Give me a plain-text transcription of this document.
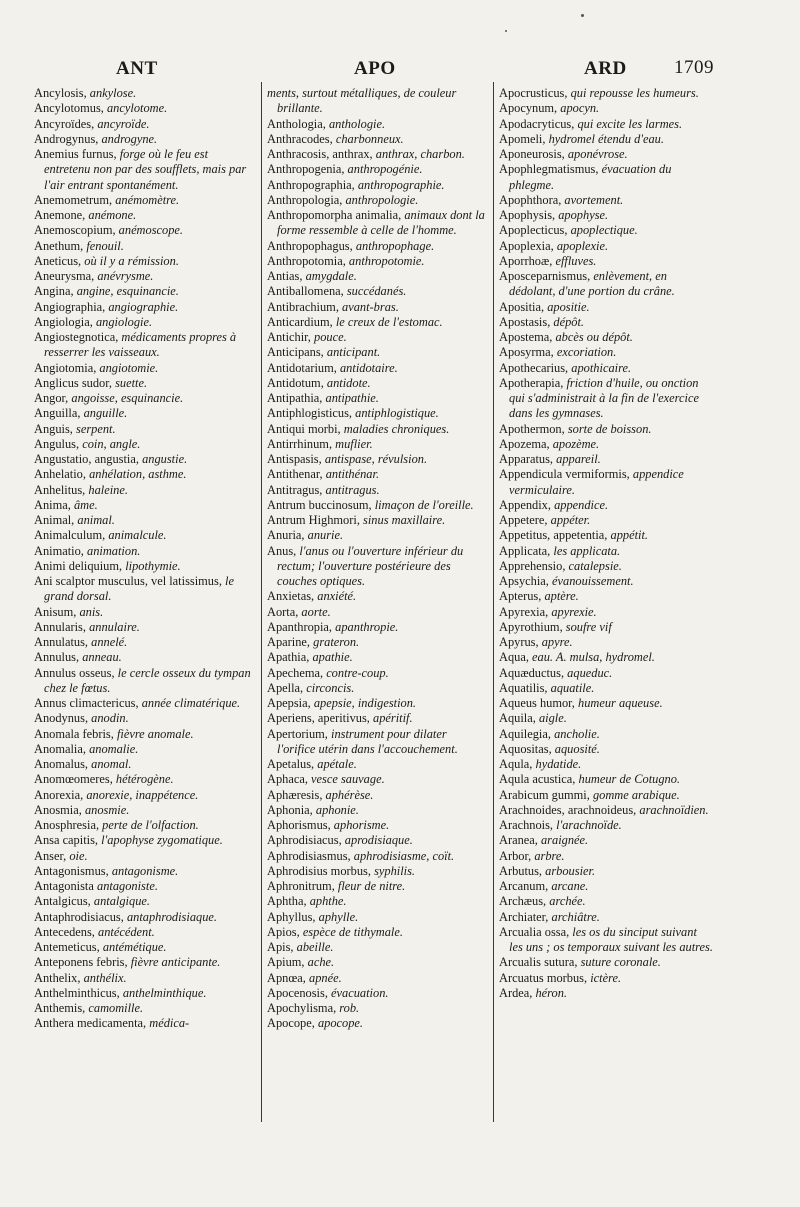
ANT	APO	ARD 1709
Ancylosis, ankylose.
Ancylotomus, ancylotome.
Ancyroïdes, ancyroïde.
Androgynus, androgyne.
Anemius furnus, forge où le feu est entretenu non par des soufflets, mais par l'air entrant spontanément.
Anemometrum, anémomètre.
Anemone, anémone.
Anemoscopium, anémoscope.
Anethum, fenouil.
Aneticus, où il y a rémission.
Aneurysma, anévrysme.
Angina, angine, esquinancie.
Angiographia, angiographie.
Angiologia, angiologie.
Angiostegnotica, médicaments propres à resserrer les vaisseaux.
Angiotomia, angiotomie.
Anglicus sudor, suette.
Angor, angoisse, esquinancie.
Anguilla, anguille.
Anguis, serpent.
Angulus, coin, angle.
Angustatio, angustia, angustie.
Anhelatio, anhélation, asthme.
Anhelitus, haleine.
Anima, âme.
Animal, animal.
Animalculum, animalcule.
Animatio, animation.
Animi deliquium, lipothymie.
Ani scalptor musculus, vel latissimus, le grand dorsal.
Anisum, anis.
Annularis, annulaire.
Annulatus, annelé.
Annulus, anneau.
Annulus osseus, le cercle osseux du tympan chez le fœtus.
Annus climactericus, année climatérique.
Anodynus, anodin.
Anomala febris, fièvre anomale.
Anomalia, anomalie.
Anomalus, anomal.
Anomœomeres, hétérogène.
Anorexia, anorexie, inappétence.
Anosmia, anosmie.
Anosphresia, perte de l'olfaction.
Ansa capitis, l'apophyse zygomatique.
Anser, oie.
Antagonismus, antagonisme.
Antagonista antagoniste.
Antalgicus, antalgique.
Antaphrodisiacus, antaphrodisiaque.
Antecedens, antécédent.
Antemeticus, antémétique.
Anteponens febris, fièvre anticipante.
Anthelix, anthélix.
Anthelminthicus, anthelminthique.
Anthemis, camomille.
Anthera medicamenta, médica-
ments, surtout métalliques, de couleur brillante.
Anthologia, anthologie.
Anthracodes, charbonneux.
Anthracosis, anthrax, anthrax, charbon.
Anthropogenia, anthropogénie.
Anthropographia, anthropographie.
Anthropologia, anthropologie.
Anthropomorpha animalia, animaux dont la forme ressemble à celle de l'homme.
Anthropophagus, anthropophage.
Anthropotomia, anthropotomie.
Antias, amygdale.
Antiballomena, succédanés.
Antibrachium, avant-bras.
Anticardium, le creux de l'estomac.
Antichir, pouce.
Anticipans, anticipant.
Antidotarium, antidotaire.
Antidotum, antidote.
Antipathia, antipathie.
Antiphlogisticus, antiphlogistique.
Antiqui morbi, maladies chroniques.
Antirrhinum, muflier.
Antispasis, antispase, révulsion.
Antithenar, antithénar.
Antitragus, antitragus.
Antrum buccinosum, limaçon de l'oreille.
Antrum Highmori, sinus maxillaire.
Anuria, anurie.
Anus, l'anus ou l'ouverture inférieur du rectum; l'ouverture postérieure des couches optiques.
Anxietas, anxiété.
Aorta, aorte.
Apanthropia, apanthropie.
Aparine, grateron.
Apathia, apathie.
Apechema, contre-coup.
Apella, circoncis.
Apepsia, apepsie, indigestion.
Aperiens, aperitivus, apéritif.
Apertorium, instrument pour dilater l'orifice utérin dans l'accouchement.
Apetalus, apétale.
Aphaca, vesce sauvage.
Aphæresis, aphérèse.
Aphonia, aphonie.
Aphorismus, aphorisme.
Aphrodisiacus, aprodisiaque.
Aphrodisiasmus, aphrodisiasme, coït.
Aphrodisius morbus, syphilis.
Aphronitrum, fleur de nitre.
Aphtha, aphthe.
Aphyllus, aphylle.
Apios, espèce de tithymale.
Apis, abeille.
Apium, ache.
Apnœa, apnée.
Apocenosis, évacuation.
Apochylisma, rob.
Apocope, apocope.
Apocrusticus, qui repousse les humeurs.
Apocynum, apocyn.
Apodacryticus, qui excite les larmes.
Apomeli, hydromel étendu d'eau.
Aponeurosis, aponévrose.
Apophlegmatismus, évacuation du phlegme.
Apophthora, avortement.
Apophysis, apophyse.
Apoplecticus, apoplectique.
Apoplexia, apoplexie.
Aporrhoæ, effluves.
Aposceparnismus, enlèvement, en dédolant, d'une portion du crâne.
Apositia, apositie.
Apostasis, dépôt.
Apostema, abcès ou dépôt.
Aposyrma, excoriation.
Apothecarius, apothicaire.
Apotherapia, friction d'huile, ou onction qui s'administrait à la fin de l'exercice dans les gymnases.
Apothermon, sorte de boisson.
Apozema, apozème.
Apparatus, appareil.
Appendicula vermiformis, appendice vermiculaire.
Appendix, appendice.
Appetere, appéter.
Appetitus, appetentia, appétit.
Applicata, les applicata.
Apprehensio, catalepsie.
Apsychia, évanouissement.
Apterus, aptère.
Apyrexia, apyrexie.
Apyrothium, soufre vif
Apyrus, apyre.
Aqua, eau. A. mulsa, hydromel.
Aquæductus, aqueduc.
Aquatilis, aquatile.
Aqueus humor, humeur aqueuse.
Aquila, aigle.
Aquilegia, ancholie.
Aquositas, aquosité.
Aqula, hydatide.
Aqula acustica, humeur de Cotugno.
Arabicum gummi, gomme arabique.
Arachnoides, arachnoideus, arachnoïdien.
Arachnois, l'arachnoïde.
Aranea, araignée.
Arbor, arbre.
Arbutus, arbousier.
Arcanum, arcane.
Archæus, archée.
Archiater, archiâtre.
Arcualia ossa, les os du sinciput suivant les uns ; os temporaux suivant les autres.
Arcualis sutura, suture coronale.
Arcuatus morbus, ictère.
Ardea, héron.
